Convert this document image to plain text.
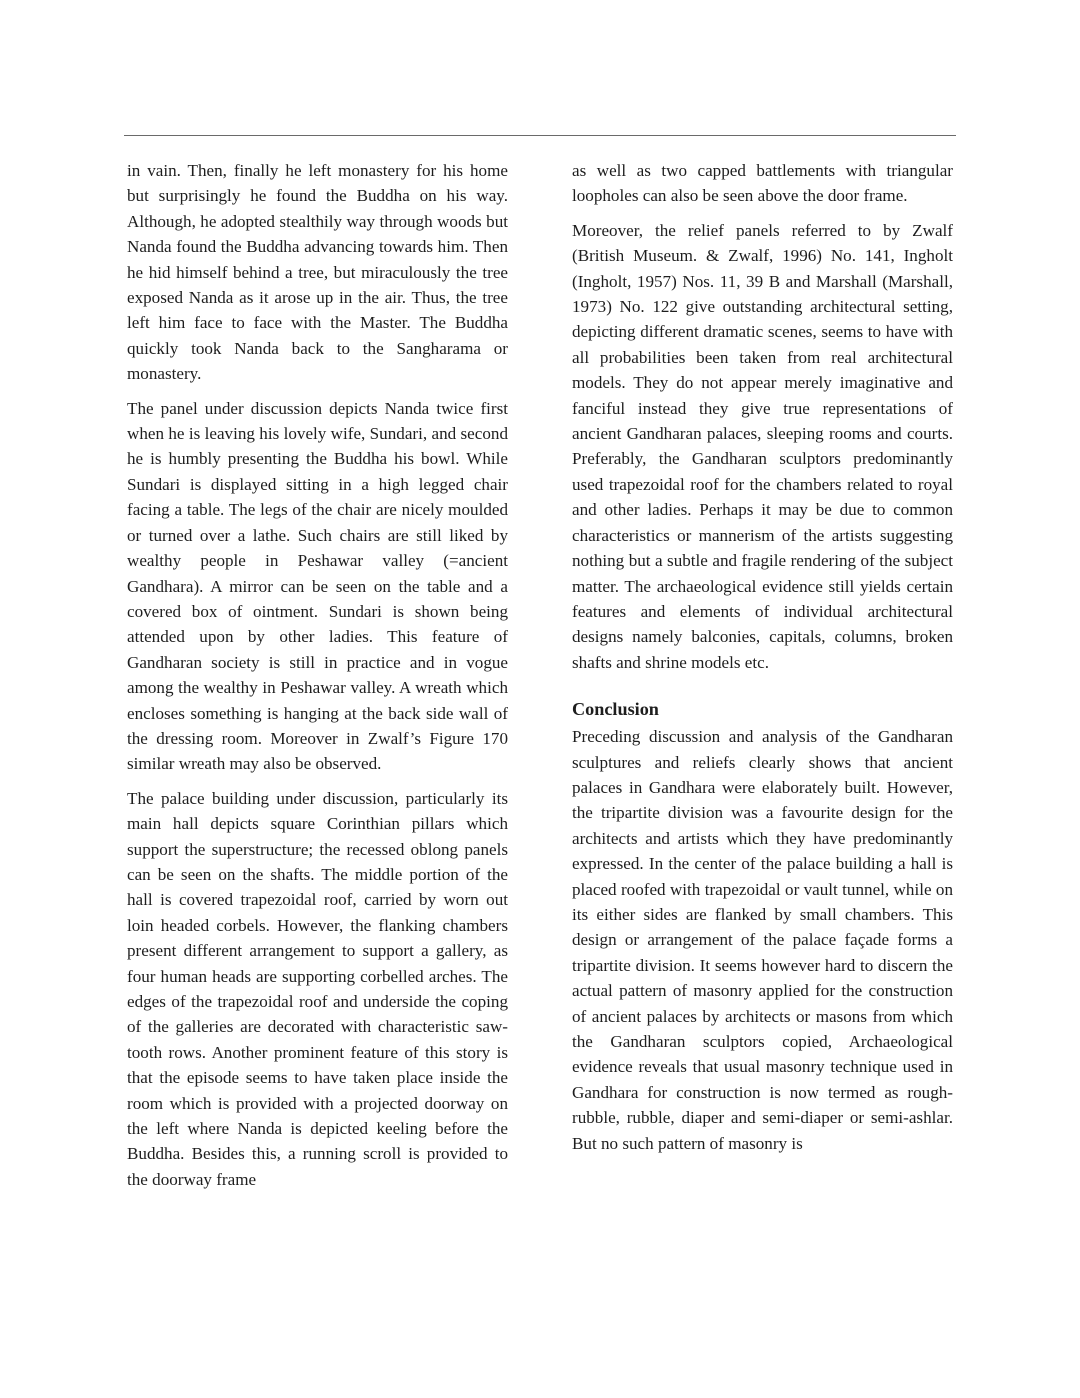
in vain. Then, finally he left monastery for his home but surprisingly he found the Buddha on his way. Although, he adopted stealthily way through woods but Nanda found the Buddha advancing towards him. Then he hid himself behind a tree, but miraculously the tree exposed Nanda as it arose up in the air. Thus, the tree left him face to face with the Master. The Buddha quickly took Nanda back to the Sangharama or monastery.

The panel under discussion depicts Nanda twice first when he is leaving his lovely wife, Sundari, and second he is humbly presenting the Buddha his bowl. While Sundari is displayed sitting in a high legged chair facing a table. The legs of the chair are nicely moulded or turned over a lathe. Such chairs are still liked by wealthy people in Peshawar valley (=ancient Gandhara). A mirror can be seen on the table and a covered box of ointment. Sundari is shown being attended upon by other ladies. This feature of Gandharan society is still in practice and in vogue among the wealthy in Peshawar valley. A wreath which encloses something is hanging at the back side wall of the dressing room. Moreover in Zwalf’s Figure 170 similar wreath may also be observed.

The palace building under discussion, particularly its main hall depicts square Corinthian pillars which support the superstructure; the recessed oblong panels can be seen on the shafts. The middle portion of the hall is covered trapezoidal roof, carried by worn out loin headed corbels. However, the flanking chambers present different arrangement to support a gallery, as four human heads are supporting corbelled arches. The edges of the trapezoidal roof and underside the coping of the galleries are decorated with characteristic saw-tooth rows. Another prominent feature of this story is that the episode seems to have taken place inside the room which is provided with a projected doorway on the left where Nanda is depicted keeling before the Buddha. Besides this, a running scroll is provided to the doorway frame

as well as two capped battlements with triangular loopholes can also be seen above the door frame.

Moreover, the relief panels referred to by Zwalf (British Museum. & Zwalf, 1996) No. 141, Ingholt (Ingholt, 1957) Nos. 11, 39 B and Marshall (Marshall, 1973) No. 122 give outstanding architectural setting, depicting different dramatic scenes, seems to have with all probabilities been taken from real architectural models. They do not appear merely imaginative and fanciful instead they give true representations of ancient Gandharan palaces, sleeping rooms and courts. Preferably, the Gandharan sculptors predominantly used trapezoidal roof for the chambers related to royal and other ladies. Perhaps it may be due to common characteristics or mannerism of the artists suggesting nothing but a subtle and fragile rendering of the subject matter. The archaeological evidence still yields certain features and elements of individual architectural designs namely balconies, capitals, columns, broken shafts and shrine models etc.

Conclusion

Preceding discussion and analysis of the Gandharan sculptures and reliefs clearly shows that ancient palaces in Gandhara were elaborately built. However, the tripartite division was a favourite design for the architects and artists which they have predominantly expressed. In the center of the palace building a hall is placed roofed with trapezoidal or vault tunnel, while on its either sides are flanked by small chambers. This design or arrangement of the palace façade forms a tripartite division. It seems however hard to discern the actual pattern of masonry applied for the construction of ancient palaces by architects or masons from which the Gandharan sculptors copied, Archaeological evidence reveals that usual masonry technique used in Gandhara for construction is now termed as rough-rubble, rubble, diaper and semi-diaper or semi-ashlar. But no such pattern of masonry is
